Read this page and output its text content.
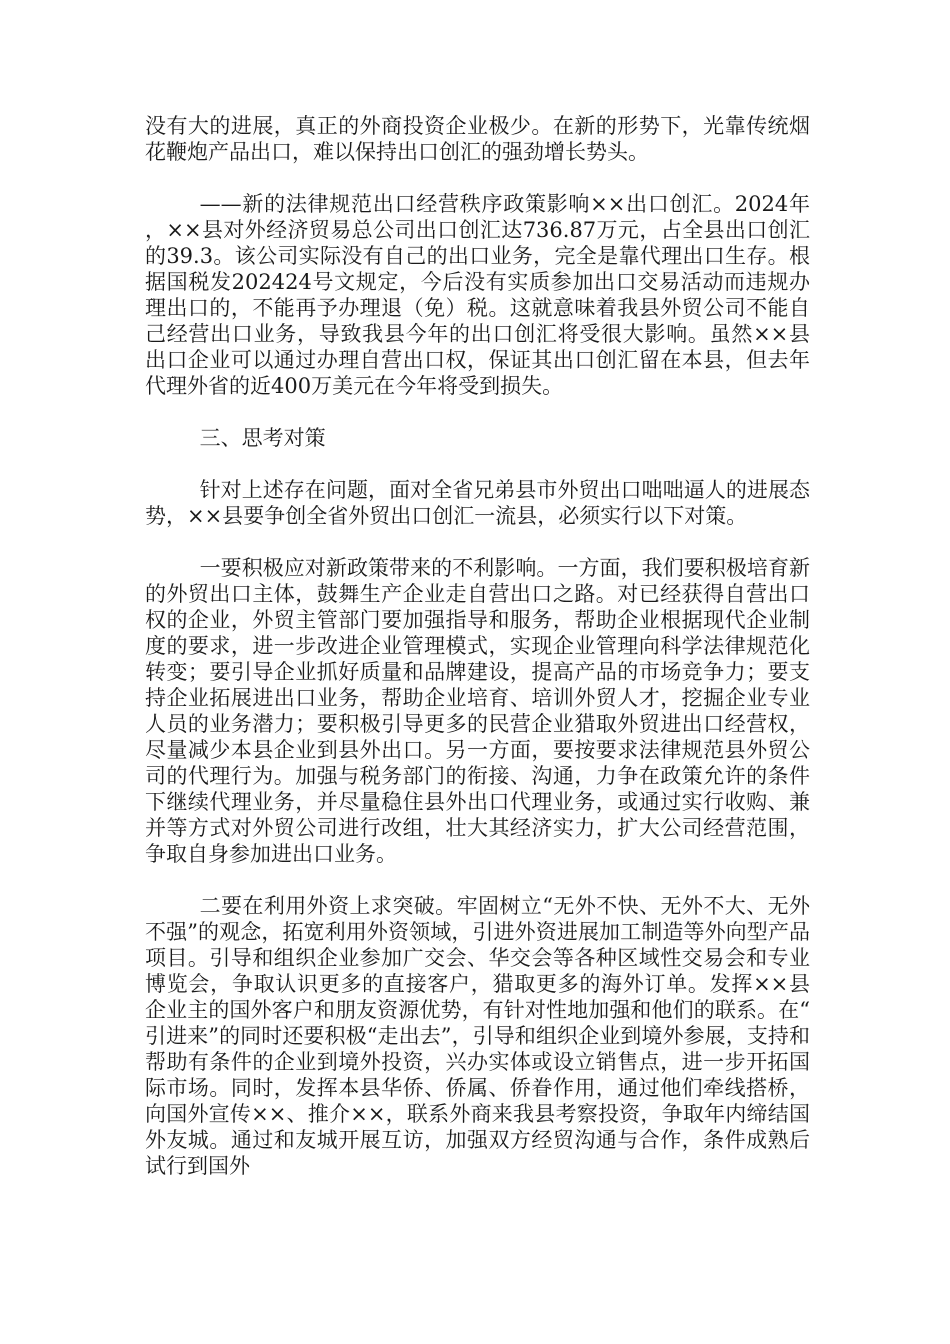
没有大的进展，真正的外商投资企业极少。在新的形势下，光靠传统烟花鞭炮产品出口，难以保持出口创汇的强劲增长势头。

——新的法律规范出口经营秩序政策影响××出口创汇。2024年，××县对外经济贸易总公司出口创汇达736.87万元，占全县出口创汇的39.3。该公司实际没有自己的出口业务，完全是靠代理出口生存。根据国税发202424号文规定，今后没有实质参加出口交易活动而违规办理出口的，不能再予办理退（免）税。这就意味着我县外贸公司不能自己经营出口业务，导致我县今年的出口创汇将受很大影响。虽然××县出口企业可以通过办理自营出口权，保证其出口创汇留在本县，但去年代理外省的近400万美元在今年将受到损失。

三、思考对策

针对上述存在问题，面对全省兄弟县市外贸出口咄咄逼人的进展态势，××县要争创全省外贸出口创汇一流县，必须实行以下对策。

一要积极应对新政策带来的不利影响。一方面，我们要积极培育新的外贸出口主体，鼓舞生产企业走自营出口之路。对已经获得自营出口权的企业，外贸主管部门要加强指导和服务，帮助企业根据现代企业制度的要求，进一步改进企业管理模式，实现企业管理向科学法律规范化转变；要引导企业抓好质量和品牌建设，提高产品的市场竞争力；要支持企业拓展进出口业务，帮助企业培育、培训外贸人才，挖掘企业专业人员的业务潜力；要积极引导更多的民营企业猎取外贸进出口经营权，尽量减少本县企业到县外出口。另一方面，要按要求法律规范县外贸公司的代理行为。加强与税务部门的衔接、沟通，力争在政策允许的条件下继续代理业务，并尽量稳住县外出口代理业务，或通过实行收购、兼并等方式对外贸公司进行改组，壮大其经济实力，扩大公司经营范围，争取自身参加进出口业务。

二要在利用外资上求突破。牢固树立“无外不快、无外不大、无外不强”的观念，拓宽利用外资领域，引进外资进展加工制造等外向型产品项目。引导和组织企业参加广交会、华交会等各种区域性交易会和专业博览会，争取认识更多的直接客户，猎取更多的海外订单。发挥××县企业主的国外客户和朋友资源优势，有针对性地加强和他们的联系。在“引进来”的同时还要积极“走出去”，引导和组织企业到境外参展，支持和帮助有条件的企业到境外投资，兴办实体或设立销售点，进一步开拓国际市场。同时，发挥本县华侨、侨属、侨眷作用，通过他们牵线搭桥，向国外宣传××、推介××，联系外商来我县考察投资，争取年内缔结国外友城。通过和友城开展互访，加强双方经贸沟通与合作，条件成熟后试行到国外
